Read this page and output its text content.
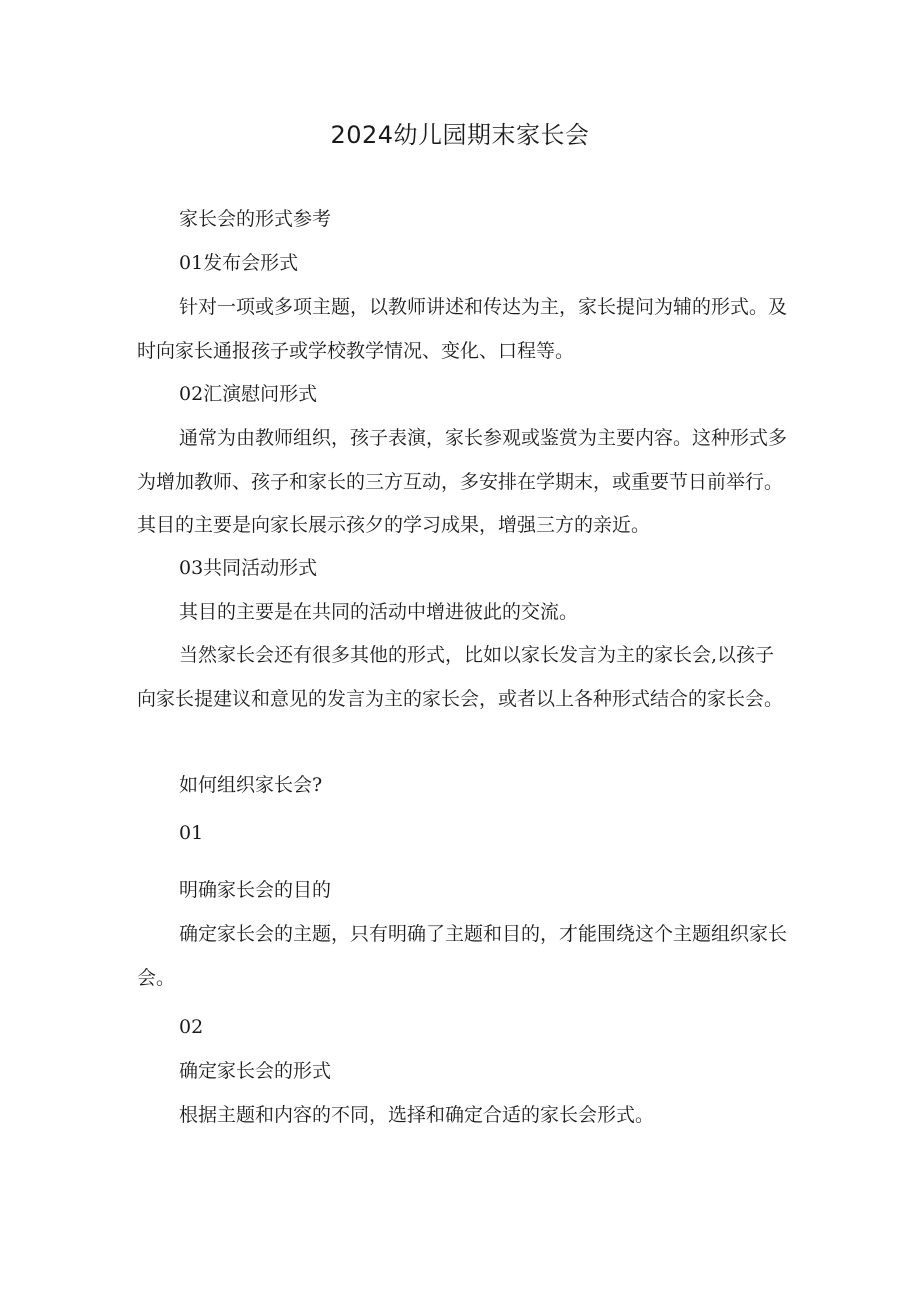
2024幼儿园期末家长会

家长会的形式参考

01发布会形式

针对一项或多项主题，以教师讲述和传达为主，家长提问为辅的形式。及时向家长通报孩子或学校教学情况、变化、口程等。

02汇演慰问形式

通常为由教师组织，孩子表演，家长参观或鉴赏为主要内容。这种形式多为增加教师、孩子和家长的三方互动，多安排在学期末，或重要节日前举行。其目的主要是向家长展示孩夕的学习成果，增强三方的亲近。

03共同活动形式

其目的主要是在共同的活动中增进彼此的交流。

当然家长会还有很多其他的形式，比如以家长发言为主的家长会,以孩子向家长提建议和意见的发言为主的家长会，或者以上各种形式结合的家长会。

如何组织家长会?

01

明确家长会的目的

确定家长会的主题，只有明确了主题和目的，才能围绕这个主题组织家长会。

02

确定家长会的形式

根据主题和内容的不同，选择和确定合适的家长会形式。
